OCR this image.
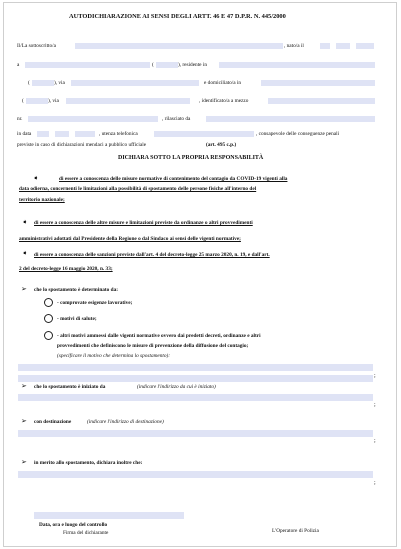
AUTODICHIARAZIONE AI SENSI DEGLI ARTT. 46 E 47 D.P.R. N. 445/2000
Il/La sottoscritto/a	, nato/a il
a	(	), residente in
(	), via	e domiciliato/a in
(	), via	, identificato/a a mezzo
nr.	, rilasciato da
in data	, utenza telefonica	, consapevole delle conseguenze penali
previste in caso di dichiarazioni mendaci a pubblico ufficiale	(art. 495 c.p.)
DICHIARA SOTTO LA PROPRIA RESPONSABILITÀ
➧	di essere a conoscenza delle misure normative di contenimento del contagio da COVID-19 vigenti alla
data odierna, concernenti le limitazioni alla possibilità di spostamento delle persone fisiche all'interno del
territorio nazionale;
➧ di essere a conoscenza delle altre misure e limitazioni previste da ordinanze o altri provvedimenti
amministrativi adottati dal Presidente della Regione o dal Sindaco ai sensi delle vigenti normative;
➧ di essere a conoscenza delle sanzioni previste dall'art. 4 del decreto-legge 25 marzo 2020, n. 19, e dall'art.
2 del decreto-legge 16 maggio 2020, n. 33;
➢ che lo spostamento è determinato da:
- comprovate esigenze lavorative;
- motivi di salute;
- altri motivi ammessi dalle vigenti normative ovvero dai predetti decreti, ordinanze e altri
provvedimenti che definiscono le misure di prevenzione della diffusione del contagio;
(specificare il motivo che determina lo spostamento):
;
➢ che lo spostamento è iniziato da	(indicare l'indirizzo da cui è iniziato)
;
➢ con destinazione	(indicare l'indirizzo di destinazione)
;
➢ in merito allo spostamento, dichiara inoltre che:
;
Data, ora e luogo del controllo
Firma del dichiarante	L'Operatore di Polizia
